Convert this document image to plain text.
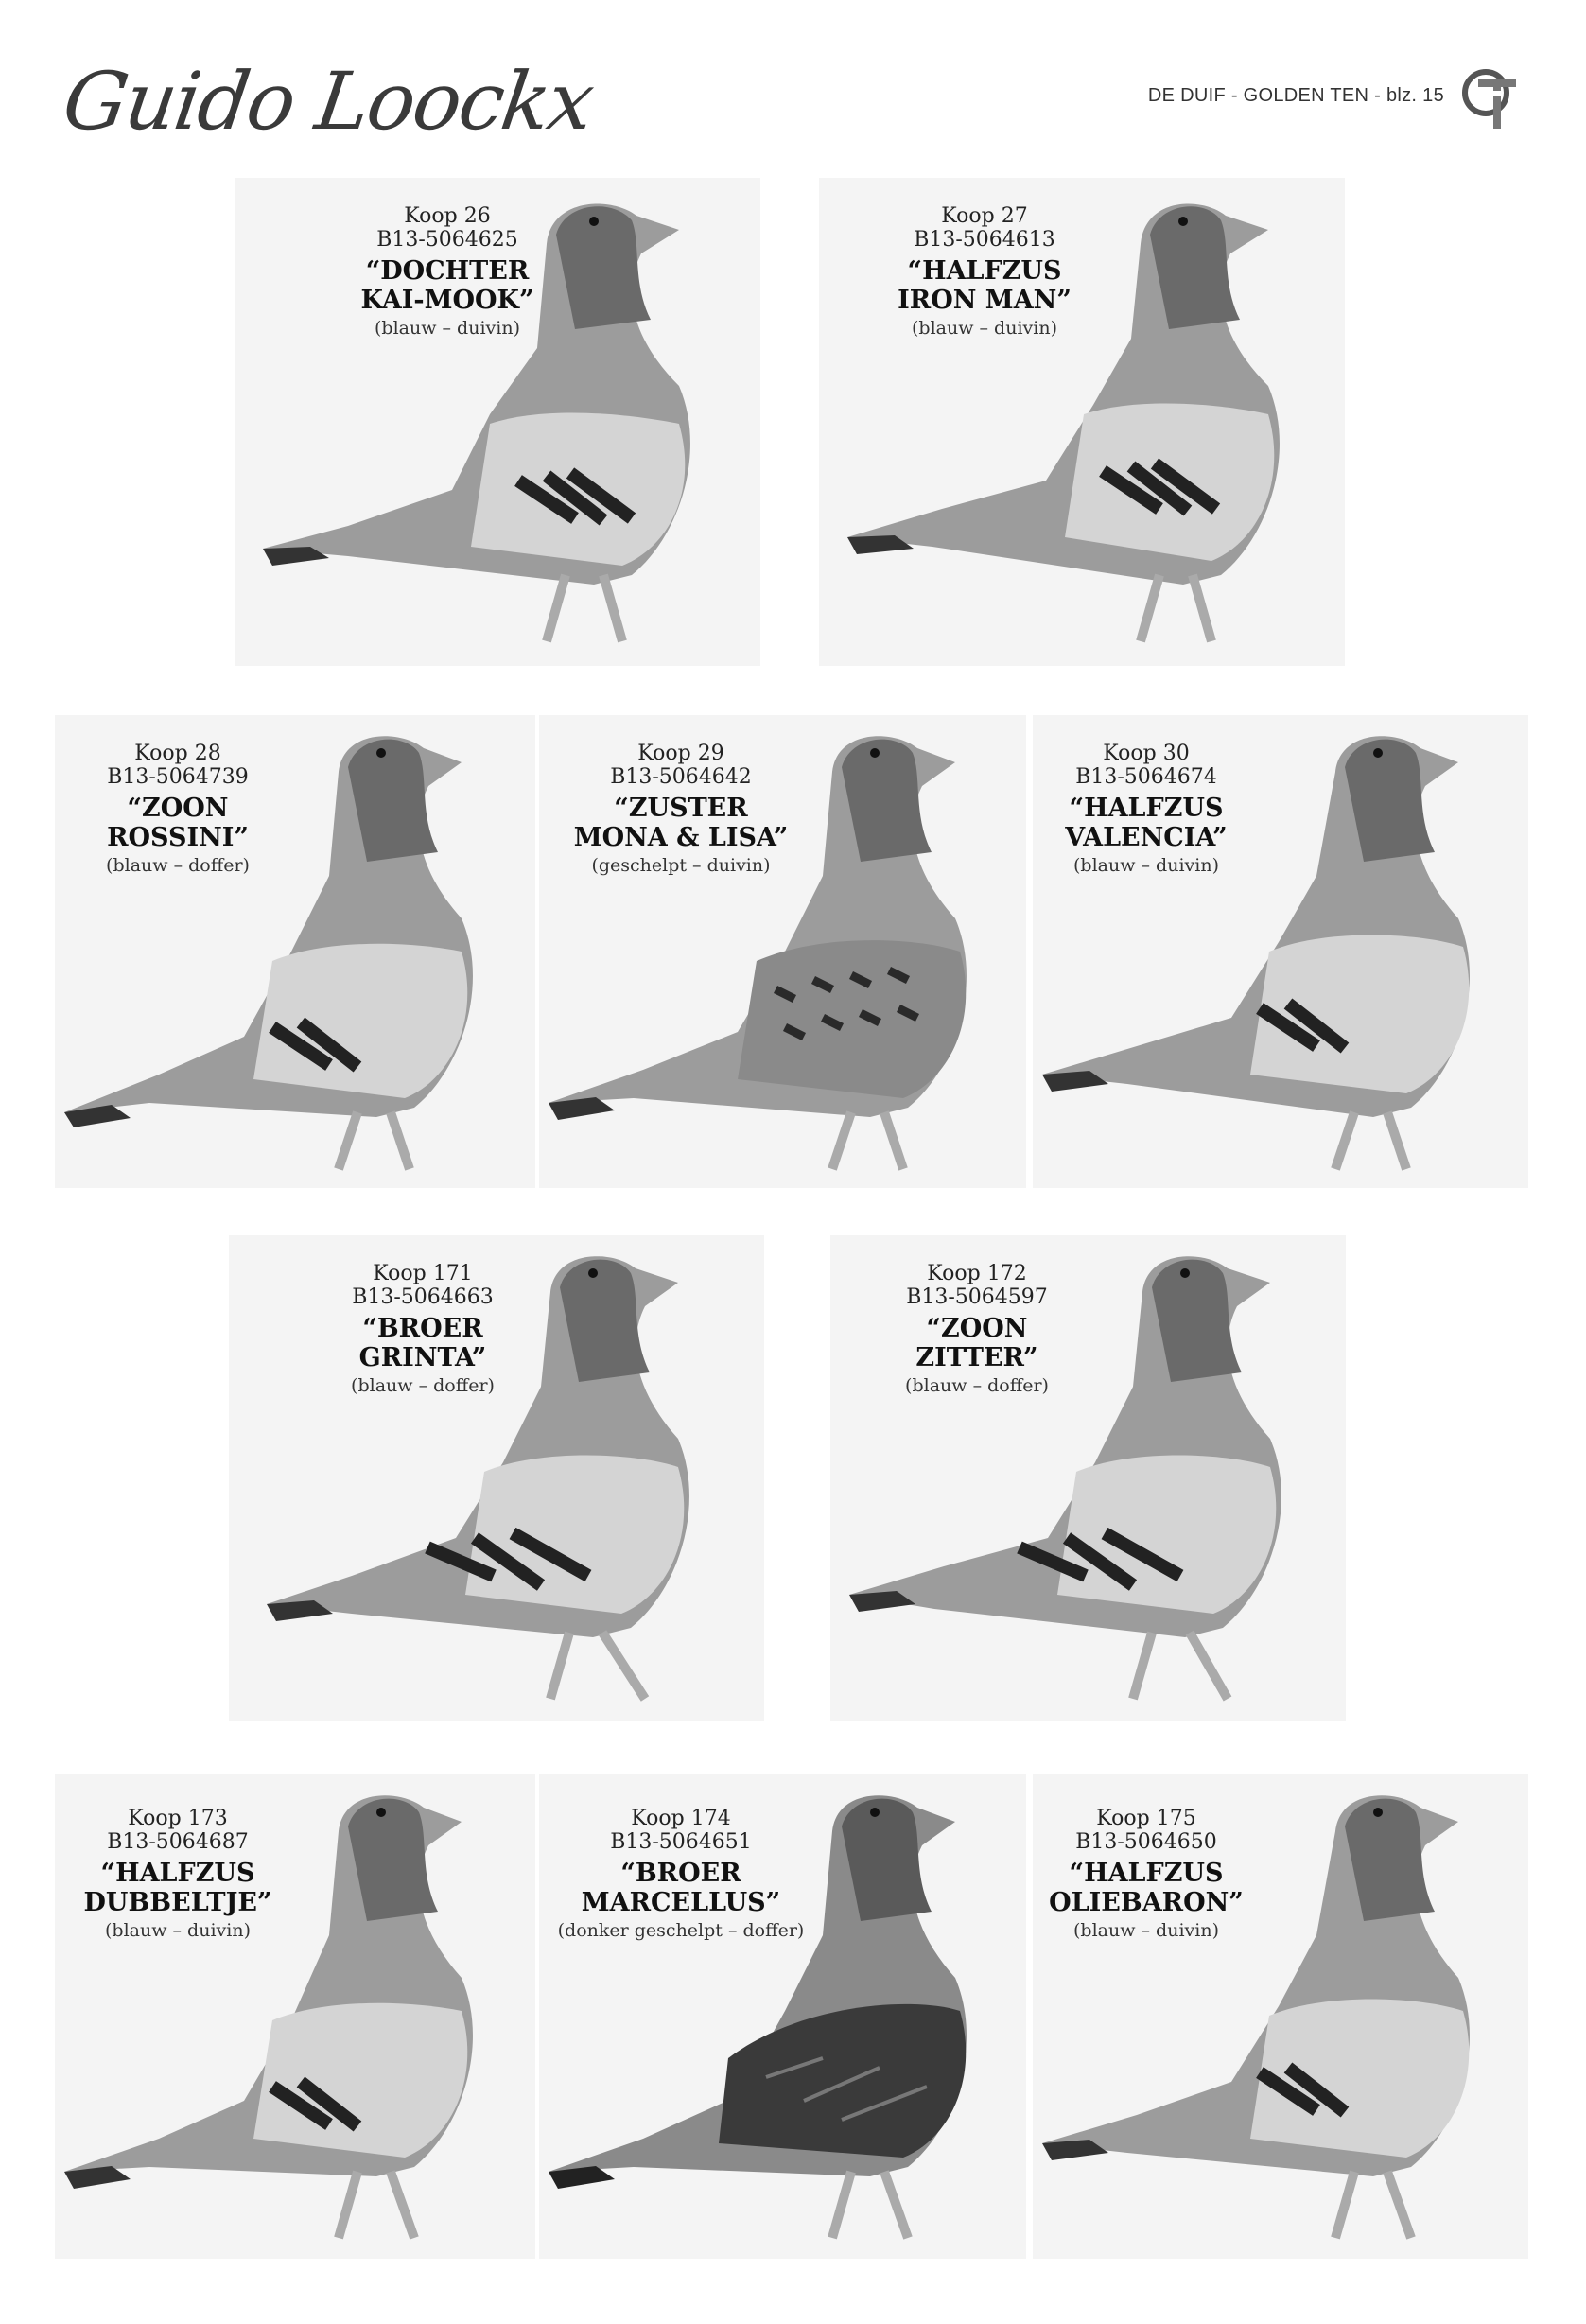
Guido Loockx	DE DUIF - GOLDEN TEN - blz. 15
Koop 26
B13-5064625
“DOCHTER
KAI-MOOK”
(blauw – duivin)
Koop 27
B13-5064613
“HALFZUS
IRON MAN”
(blauw – duivin)
Koop 28
B13-5064739
“ZOON
ROSSINI”
(blauw – doffer)
Koop 29
B13-5064642
“ZUSTER
MONA & LISA”
(geschelpt – duivin)
Koop 30
B13-5064674
“HALFZUS
VALENCIA”
(blauw – duivin)
Koop 171
B13-5064663
“BROER
GRINTA”
(blauw – doffer)
Koop 172
B13-5064597
“ZOON
ZITTER”
(blauw – doffer)
Koop 173
B13-5064687
“HALFZUS
DUBBELTJE”
(blauw – duivin)
Koop 174
B13-5064651
“BROER
MARCELLUS”
(donker geschelpt – doffer)
Koop 175
B13-5064650
“HALFZUS
OLIEBARON”
(blauw – duivin)
